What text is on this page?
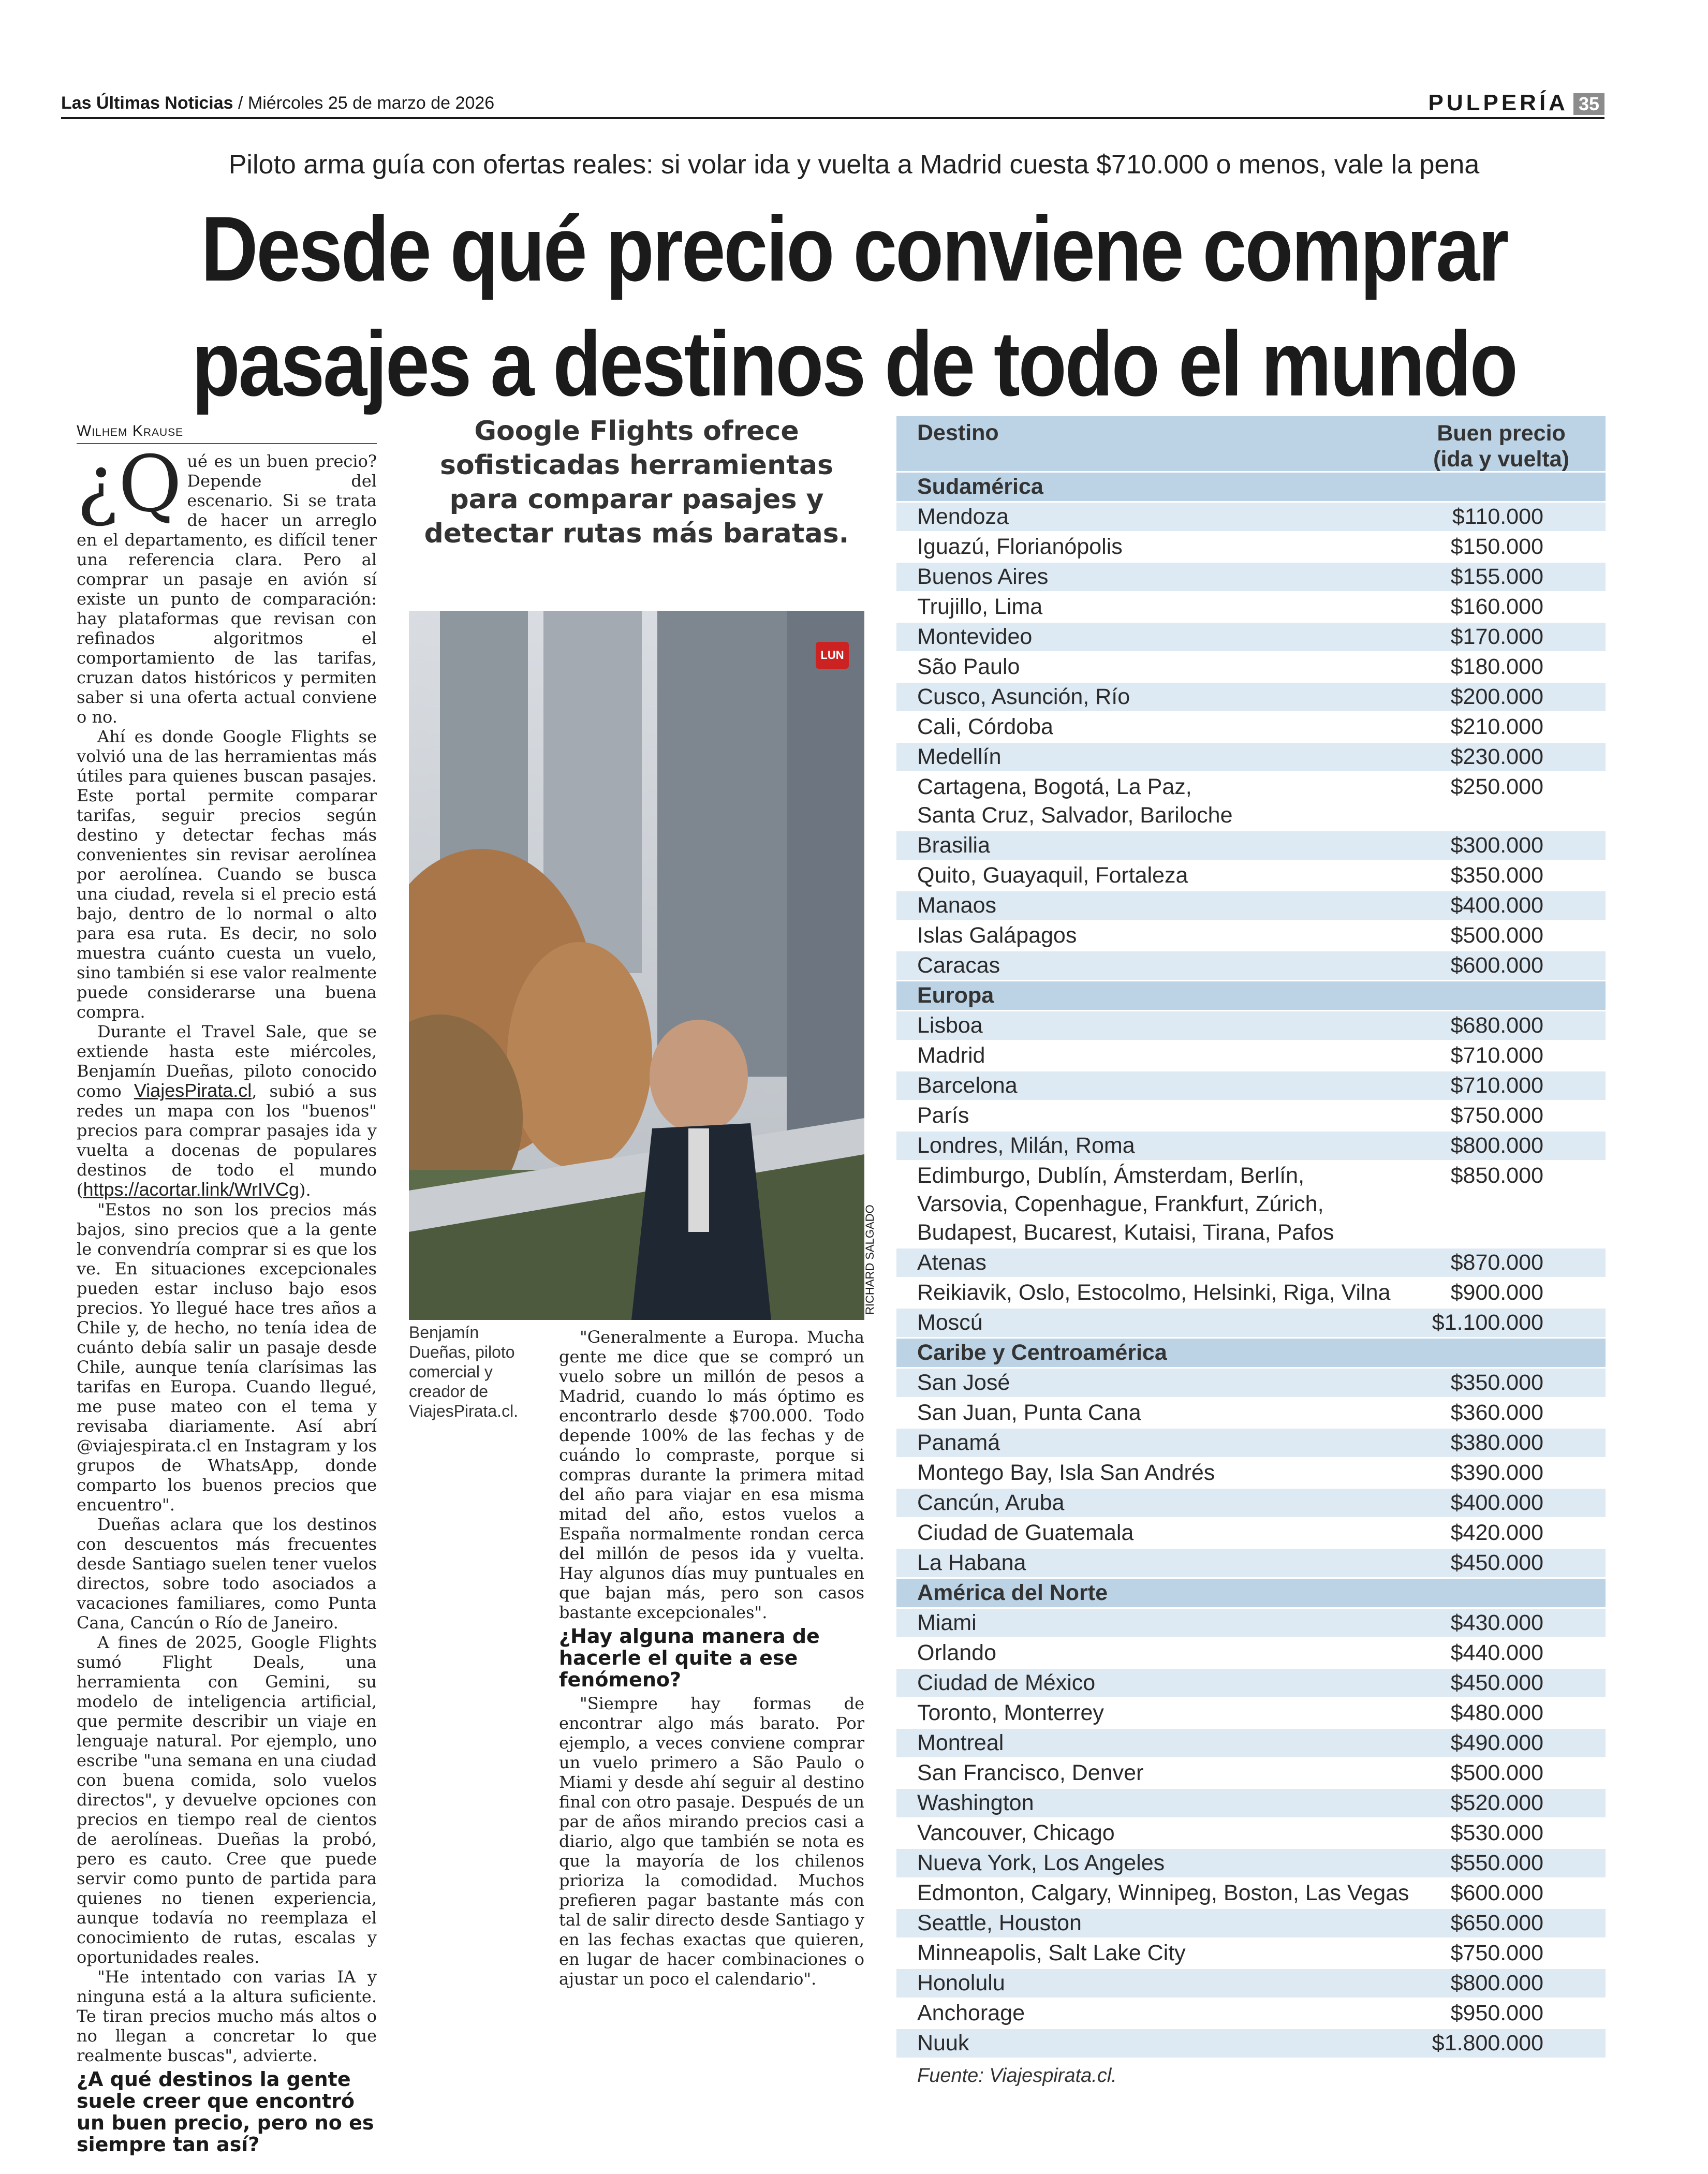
Las Últimas Noticias / Miércoles 25 de marzo de 2026	PULPERÍA 35
Piloto arma guía con ofertas reales: si volar ida y vuelta a Madrid cuesta $710.000 o menos, vale la pena
Desde qué precio conviene comprar
pasajes a destinos de todo el mundo
Wilhem Krause

¿Q ué es un buen precio? Depende del escenario. Si se trata de hacer un arreglo en el departamento, es difícil tener una referencia clara. Pero al comprar un pasaje en avión sí existe un punto de comparación: hay plataformas que revisan con refinados algoritmos el comportamiento de las tarifas, cruzan datos históricos y permiten saber si una oferta actual conviene o no.

Ahí es donde Google Flights se volvió una de las herramientas más útiles para quienes buscan pasajes. Este portal permite comparar tarifas, seguir precios según destino y detectar fechas más convenientes sin revisar aerolínea por aerolínea. Cuando se busca una ciudad, revela si el precio está bajo, dentro de lo normal o alto para esa ruta. Es decir, no solo muestra cuánto cuesta un vuelo, sino también si ese valor realmente puede considerarse una buena compra.

Durante el Travel Sale, que se extiende hasta este miércoles, Benjamín Dueñas, piloto conocido como ViajesPirata.cl, subió a sus redes un mapa con los "buenos" precios para comprar pasajes ida y vuelta a docenas de populares destinos de todo el mundo (https://acortar.link/WrIVCg).

"Estos no son los precios más bajos, sino precios que a la gente le convendría comprar si es que los ve. En situaciones excepcionales pueden estar incluso bajo esos precios. Yo llegué hace tres años a Chile y, de hecho, no tenía idea de cuánto debía salir un pasaje desde Chile, aunque tenía clarísimas las tarifas en Europa. Cuando llegué, me puse mateo con el tema y revisaba diariamente. Así abrí @viajespirata.cl en Instagram y los grupos de WhatsApp, donde comparto los buenos precios que encuentro".

Dueñas aclara que los destinos con descuentos más frecuentes desde Santiago suelen tener vuelos directos, sobre todo asociados a vacaciones familiares, como Punta Cana, Cancún o Río de Janeiro.

A fines de 2025, Google Flights sumó Flight Deals, una herramienta con Gemini, su modelo de inteligencia artificial, que permite describir un viaje en lenguaje natural. Por ejemplo, uno escribe "una semana en una ciudad con buena comida, solo vuelos directos", y devuelve opciones con precios en tiempo real de cientos de aerolíneas. Dueñas la probó, pero es cauto. Cree que puede servir como punto de partida para quienes no tienen experiencia, aunque todavía no reemplaza el conocimiento de rutas, escalas y oportunidades reales.

"He intentado con varias IA y ninguna está a la altura suficiente. Te tiran precios mucho más altos o no llegan a concretar lo que realmente buscas", advierte.

¿A qué destinos la gente suele creer que encontró un buen precio, pero no es siempre tan así?
Google Flights ofrece sofisticadas herramientas para comparar pasajes y detectar rutas más baratas.
LUN
RICHARD SALGADO
Benjamín Dueñas, piloto comercial y creador de ViajesPirata.cl.

"Generalmente a Europa. Mucha gente me dice que se compró un vuelo sobre un millón de pesos a Madrid, cuando lo más óptimo es encontrarlo desde $700.000. Todo depende 100% de las fechas y de cuándo lo compraste, porque si compras durante la primera mitad del año para viajar en esa misma mitad del año, estos vuelos a España normalmente rondan cerca del millón de pesos ida y vuelta. Hay algunos días muy puntuales en que bajan más, pero son casos bastante excepcionales".

¿Hay alguna manera de hacerle el quite a ese fenómeno?

"Siempre hay formas de encontrar algo más barato. Por ejemplo, a veces conviene comprar un vuelo primero a São Paulo o Miami y desde ahí seguir al destino final con otro pasaje. Después de un par de años mirando precios casi a diario, algo que también se nota es que la mayoría de los chilenos prioriza la comodidad. Muchos prefieren pagar bastante más con tal de salir directo desde Santiago y en las fechas exactas que quieren, en lugar de hacer combinaciones o ajustar un poco el calendario".

Destino	Buen precio
(ida y vuelta)
Sudamérica
Mendoza	$110.000
Iguazú, Florianópolis	$150.000
Buenos Aires	$155.000
Trujillo, Lima	$160.000
Montevideo	$170.000
São Paulo	$180.000
Cusco, Asunción, Río	$200.000
Cali, Córdoba	$210.000
Medellín	$230.000
Cartagena, Bogotá, La Paz,
Santa Cruz, Salvador, Bariloche
$250.000
Brasilia	$300.000
Quito, Guayaquil, Fortaleza	$350.000
Manaos	$400.000
Islas Galápagos	$500.000
Caracas	$600.000
Europa
Lisboa	$680.000
Madrid	$710.000
Barcelona	$710.000
París	$750.000
Londres, Milán, Roma	$800.000
Edimburgo, Dublín, Ámsterdam, Berlín,
Varsovia, Copenhague, Frankfurt, Zúrich,
Budapest, Bucarest, Kutaisi, Tirana, Pafos
$850.000
Atenas	$870.000
Reikiavik, Oslo, Estocolmo, Helsinki, Riga, Vilna	$900.000
Moscú	$1.100.000
Caribe y Centroamérica
San José	$350.000
San Juan, Punta Cana	$360.000
Panamá	$380.000
Montego Bay, Isla San Andrés	$390.000
Cancún, Aruba	$400.000
Ciudad de Guatemala	$420.000
La Habana	$450.000
América del Norte
Miami	$430.000
Orlando	$440.000
Ciudad de México	$450.000
Toronto, Monterrey	$480.000
Montreal	$490.000
San Francisco, Denver	$500.000
Washington	$520.000
Vancouver, Chicago	$530.000
Nueva York, Los Angeles	$550.000
Edmonton, Calgary, Winnipeg, Boston, Las Vegas $600.000
Seattle, Houston	$650.000
Minneapolis, Salt Lake City	$750.000
Honolulu	$800.000
Anchorage	$950.000
Nuuk	$1.800.000
Fuente: Viajespirata.cl.
